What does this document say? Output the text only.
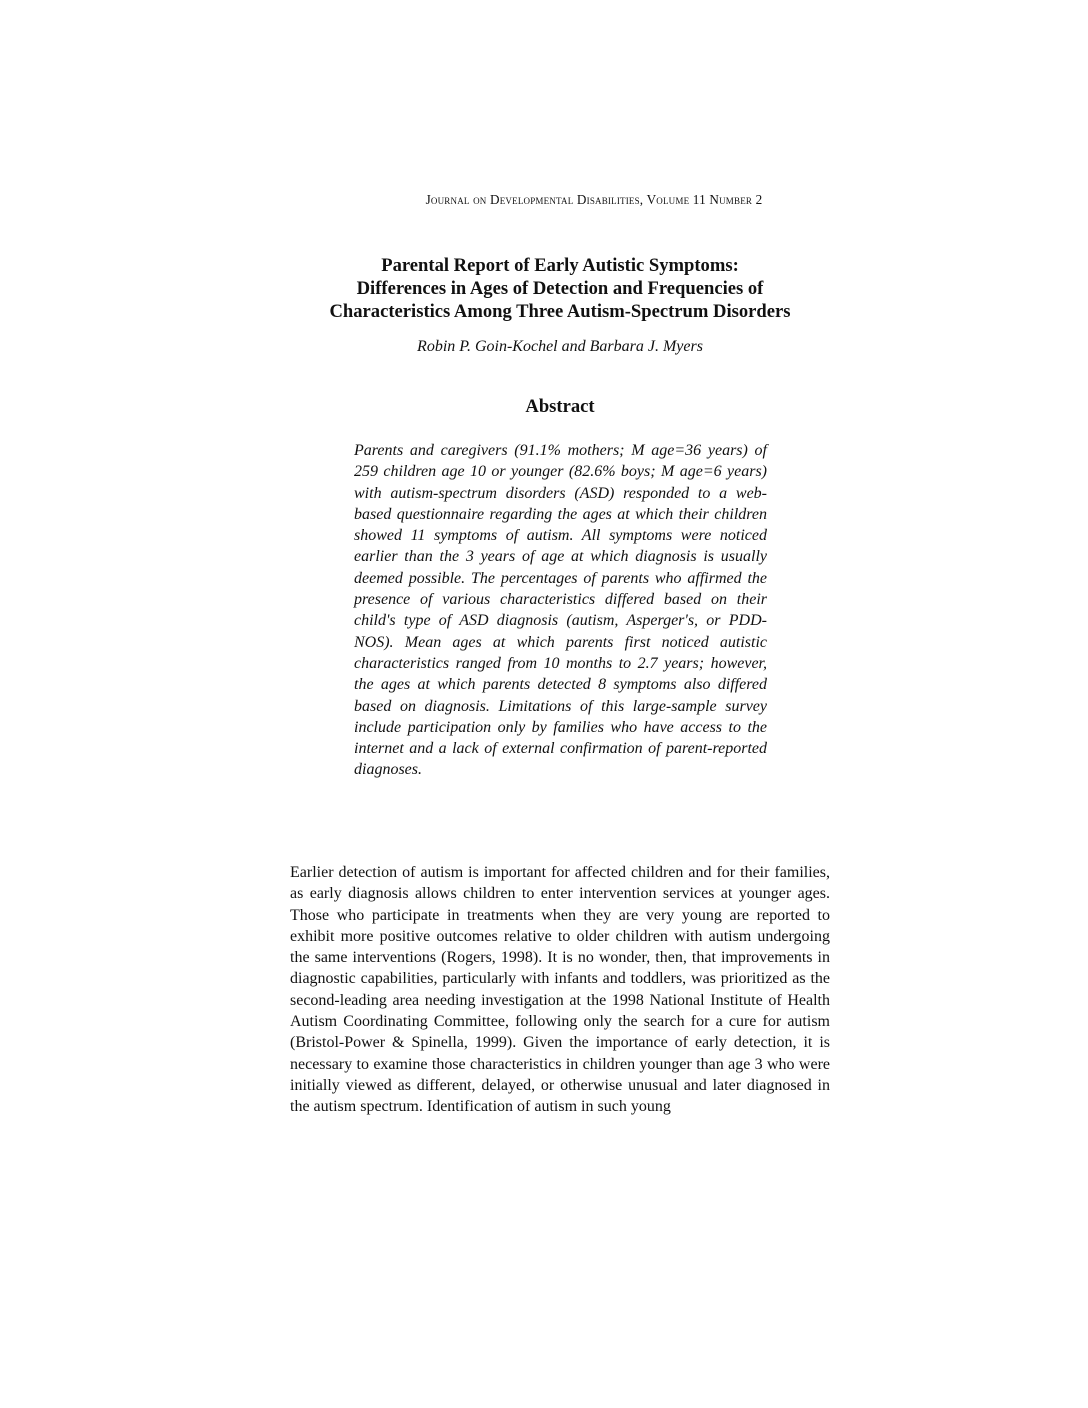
Journal on Developmental Disabilities, Volume 11 Number 2
Parental Report of Early Autistic Symptoms:
Differences in Ages of Detection and Frequencies of
Characteristics Among Three Autism-Spectrum Disorders
Robin P. Goin-Kochel and Barbara J. Myers
Abstract

Parents and caregivers (91.1% mothers; M age=36 years) of 259 children age 10 or younger (82.6% boys; M age=6 years) with autism-spectrum disorders (ASD) responded to a web-based questionnaire regarding the ages at which their children showed 11 symptoms of autism. All symptoms were noticed earlier than the 3 years of age at which diagnosis is usually deemed possible. The percentages of parents who affirmed the presence of various characteristics differed based on their child's type of ASD diagnosis (autism, Asperger's, or PDD-NOS). Mean ages at which parents first noticed autistic characteristics ranged from 10 months to 2.7 years; however, the ages at which parents detected 8 symptoms also differed based on diagnosis. Limitations of this large-sample survey include participation only by families who have access to the internet and a lack of external confirmation of parent-reported diagnoses.

Earlier detection of autism is important for affected children and for their families, as early diagnosis allows children to enter intervention services at younger ages. Those who participate in treatments when they are very young are reported to exhibit more positive outcomes relative to older children with autism undergoing the same interventions (Rogers, 1998). It is no wonder, then, that improvements in diagnostic capabilities, particularly with infants and toddlers, was prioritized as the second-leading area needing investigation at the 1998 National Institute of Health Autism Coordinating Committee, following only the search for a cure for autism (Bristol-Power & Spinella, 1999). Given the importance of early detection, it is necessary to examine those characteristics in children younger than age 3 who were initially viewed as different, delayed, or otherwise unusual and later diagnosed in the autism spectrum. Identification of autism in such young
